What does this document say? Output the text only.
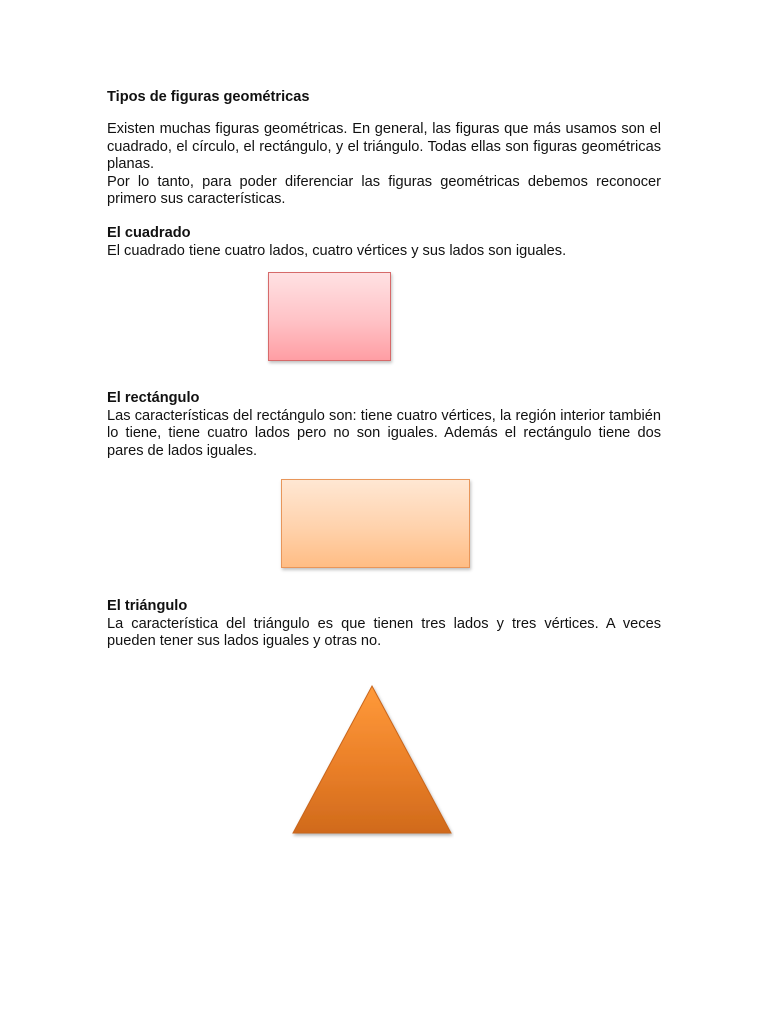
Tipos de figuras geométricas

Existen muchas figuras geométricas. En general, las figuras que más usamos son el cuadrado, el círculo, el rectángulo, y el triángulo. Todas ellas son figuras geométricas planas.

Por lo tanto, para poder diferenciar las figuras geométricas debemos reconocer primero sus características.

El cuadrado

El cuadrado tiene cuatro lados, cuatro vértices y sus lados son iguales.

El rectángulo

Las características del rectángulo son: tiene cuatro vértices, la región interior también lo tiene, tiene cuatro lados pero no son iguales. Además el rectángulo tiene dos pares de lados iguales.

El triángulo

La característica del triángulo es que tienen tres lados y tres vértices. A veces pueden tener sus lados iguales y otras no.
